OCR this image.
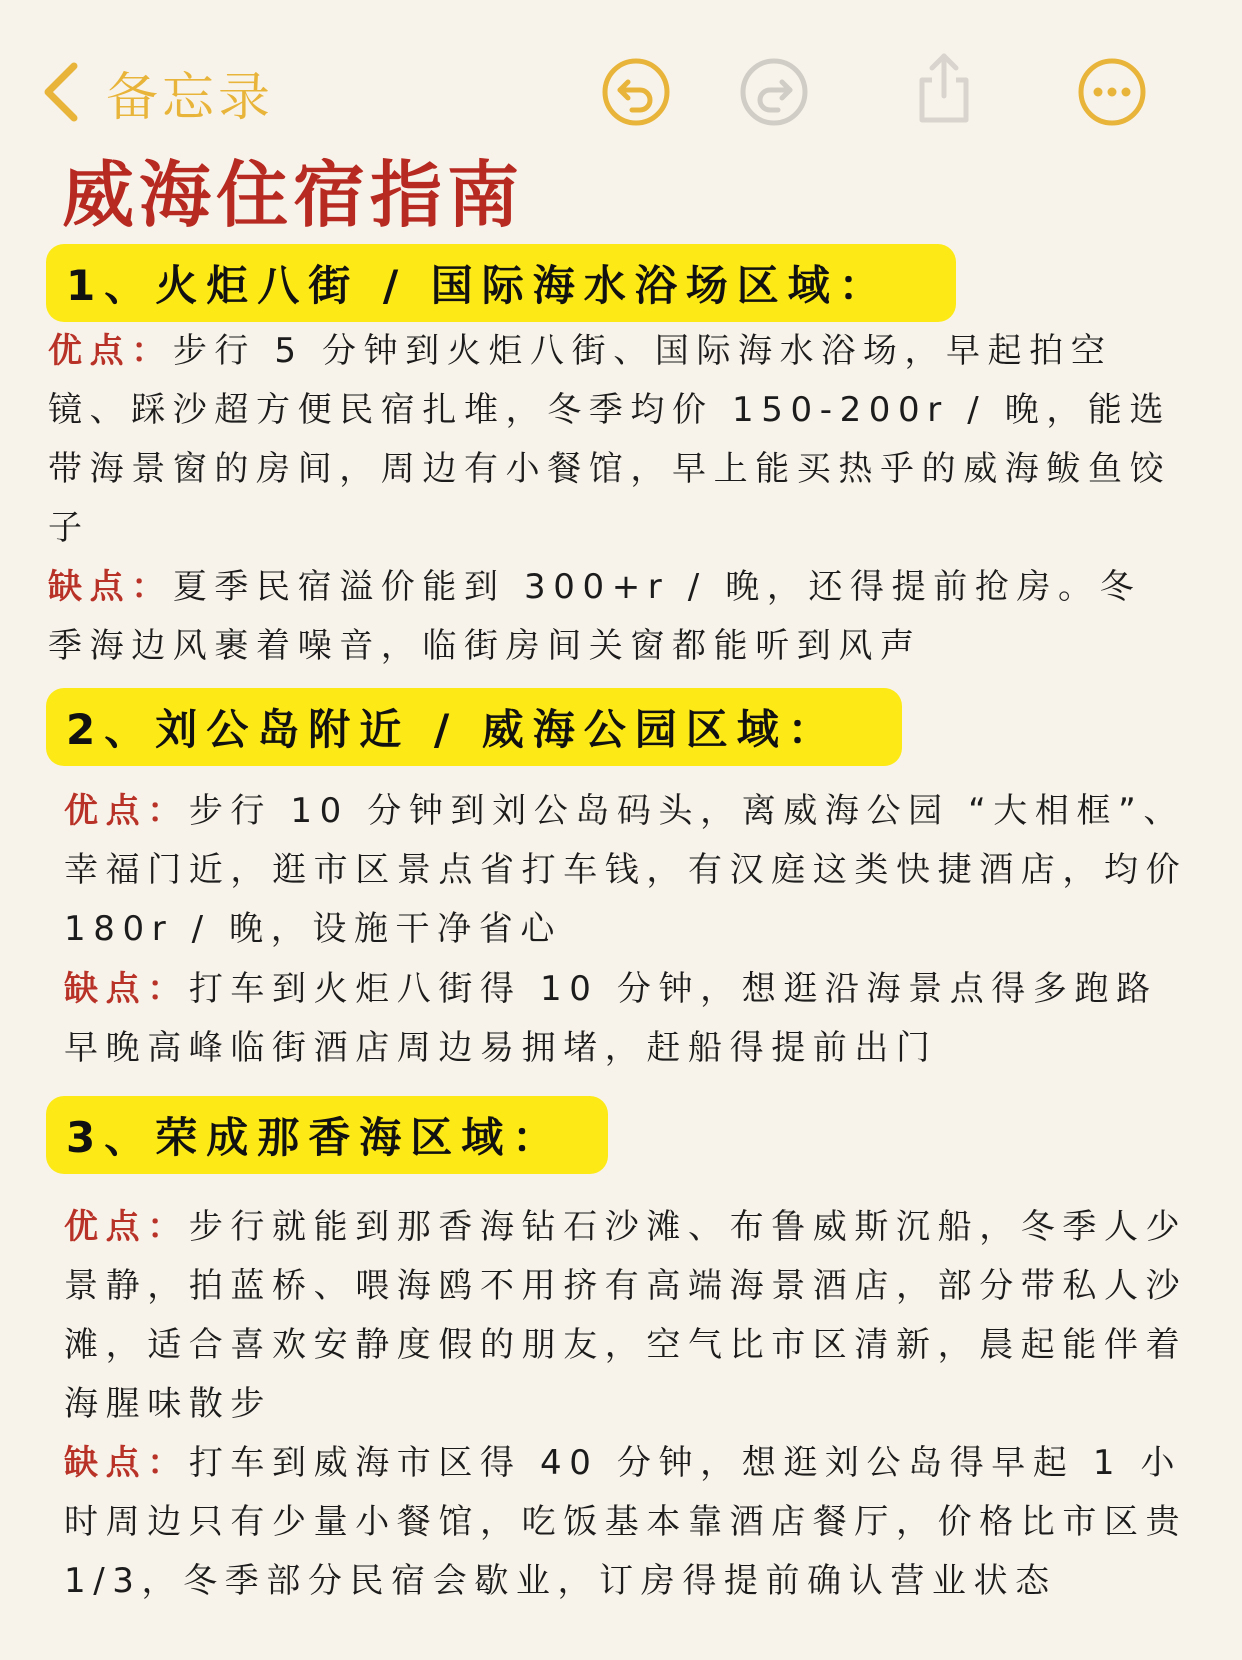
备忘录
威海住宿指南
1、火炬八街 / 国际海水浴场区域：

优点：步行 5 分钟到火炬八街、国际海水浴场，早起拍空镜、踩沙超方便民宿扎堆，冬季均价 150-200r / 晚，能选带海景窗的房间，周边有小餐馆，早上能买热乎的威海鲅鱼饺子

缺点：夏季民宿溢价能到 300+r / 晚，还得提前抢房。冬季海边风裹着噪音，临街房间关窗都能听到风声

2、刘公岛附近 / 威海公园区域：

优点：步行 10 分钟到刘公岛码头，离威海公园 “大相框”、幸福门近，逛市区景点省打车钱，有汉庭这类快捷酒店，均价 180r / 晚，设施干净省心

缺点：打车到火炬八街得 10 分钟，想逛沿海景点得多跑路早晚高峰临街酒店周边易拥堵，赶船得提前出门

3、荣成那香海区域：

优点：步行就能到那香海钻石沙滩、布鲁威斯沉船，冬季人少景静，拍蓝桥、喂海鸥不用挤有高端海景酒店，部分带私人沙滩，适合喜欢安静度假的朋友，空气比市区清新，晨起能伴着海腥味散步

缺点：打车到威海市区得 40 分钟，想逛刘公岛得早起 1 小时周边只有少量小餐馆，吃饭基本靠酒店餐厅，价格比市区贵 1/3，冬季部分民宿会歇业，订房得提前确认营业状态
